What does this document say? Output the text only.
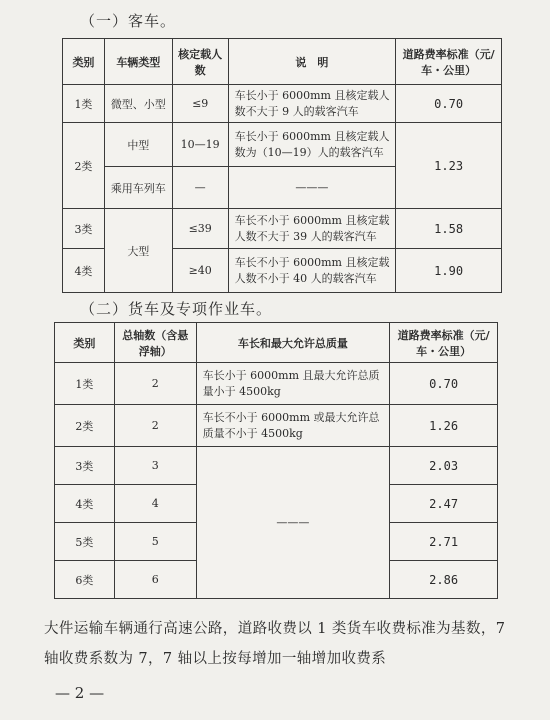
（一）客车。
类别	车辆类型	核定载人数	说　明	道路费率标准（元/车・公里）
1类	微型、小型	≤9	车长小于 6000mm 且核定载人数不大于 9 人的载客汽车	0.70
2类	中型	10—19	车长小于 6000mm 且核定载人数为（10—19）人的载客汽车	1.23
	乘用车列车	—	———	
3类	大型	≤39	车长不小于 6000mm 且核定载人数不大于 39 人的载客汽车	1.58
4类		≥40	车长不小于 6000mm 且核定载人数不小于 40 人的载客汽车	1.90
（二）货车及专项作业车。
类别	总轴数（含悬浮轴）	车长和最大允许总质量	道路费率标准（元/车・公里）
1类	2	车长小于 6000mm 且最大允许总质量小于 4500kg	0.70
2类	2	车长不小于 6000mm 或最大允许总质量不小于 4500kg	1.26
3类	3	———	2.03
4类	4		2.47
5类	5		2.71
6类	6		2.86
大件运输车辆通行高速公路，道路收费以 1 类货车收费标准为基数，7 轴收费系数为 7，7 轴以上按每增加一轴增加收费系
— 2 —
